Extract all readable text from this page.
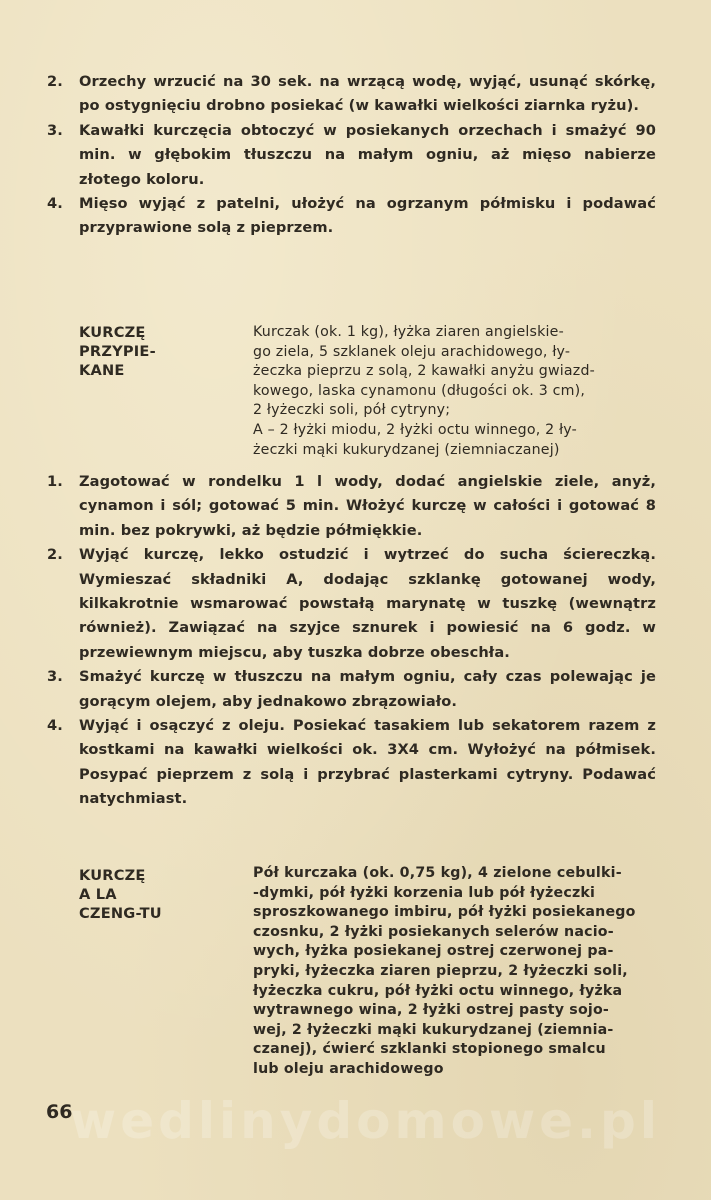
2. Orzechy wrzucić na 30 sek. na wrzącą wodę, wyjąć, usunąć skórkę, po ostygnięciu drobno posiekać (w kawałki wielkości ziarnka ryżu).
3. Kawałki kurczęcia obtoczyć w posiekanych orzechach i smażyć 90 min. w głębokim tłuszczu na małym ogniu, aż mięso nabierze złotego koloru.
4. Mięso wyjąć z patelni, ułożyć na ogrzanym półmisku i podawać przyprawione solą z pieprzem.
KURCZĘ
PRZYPIE-
KANE
Kurczak (ok. 1 kg), łyżka ziaren angielskie-
go ziela, 5 szklanek oleju arachidowego, ły-
żeczka pieprzu z solą, 2 kawałki anyżu gwiazd-
kowego, laska cynamonu (długości ok. 3 cm),
2 łyżeczki soli, pół cytryny;
A – 2 łyżki miodu, 2 łyżki octu winnego, 2 ły-
żeczki mąki kukurydzanej (ziemniaczanej)
1. Zagotować w rondelku 1 l wody, dodać angielskie ziele, anyż, cynamon i sól; gotować 5 min. Włożyć kurczę w całości i gotować 8 min. bez pokrywki, aż będzie półmiękkie.
2. Wyjąć kurczę, lekko ostudzić i wytrzeć do sucha ściereczką. Wymieszać składniki A, dodając szklankę gotowanej wody, kilkakrotnie wsmarować powstałą marynatę w tuszkę (wewnątrz również). Zawiązać na szyjce sznurek i powiesić na 6 godz. w przewiewnym miejscu, aby tuszka dobrze obeschła.
3. Smażyć kurczę w tłuszczu na małym ogniu, cały czas polewając je gorącym olejem, aby jednakowo zbrązowiało.
4. Wyjąć i osączyć z oleju. Posiekać tasakiem lub sekatorem razem z kostkami na kawałki wielkości ok. 3X4 cm. Wyłożyć na półmisek. Posypać pieprzem z solą i przybrać plasterkami cytryny. Podawać natychmiast.
KURCZĘ
A LA
CZENG-TU
Pół kurczaka (ok. 0,75 kg), 4 zielone cebulki-
-dymki, pół łyżki korzenia lub pół łyżeczki
sproszkowanego imbiru, pół łyżki posiekanego
czosnku, 2 łyżki posiekanych selerów nacio-
wych, łyżka posiekanej ostrej czerwonej pa-
pryki, łyżeczka ziaren pieprzu, 2 łyżeczki soli,
łyżeczka cukru, pół łyżki octu winnego, łyżka
wytrawnego wina, 2 łyżki ostrej pasty sojo-
wej, 2 łyżeczki mąki kukurydzanej (ziemnia-
czanej), ćwierć szklanki stopionego smalcu
lub oleju arachidowego
wedlinydomowe.pl
66
